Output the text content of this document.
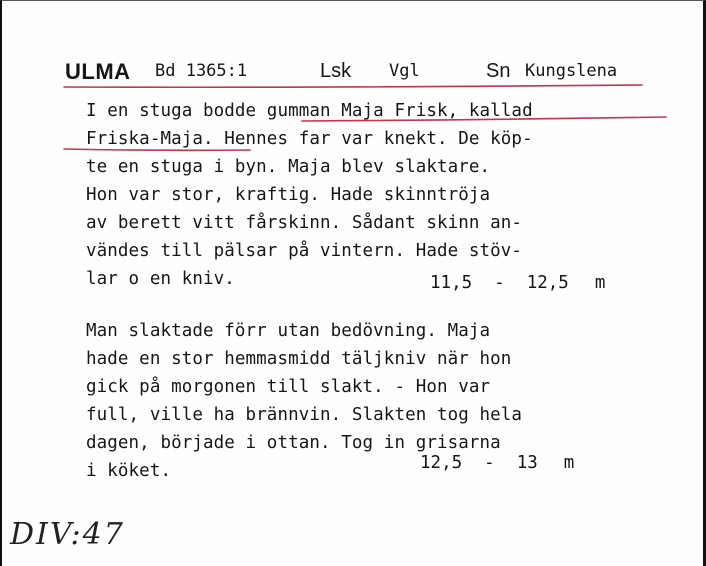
ULMA Bd 1365:1	Lsk Vgl	Sn Kungslena
I en stuga bodde gumman Maja Frisk, kallad
Friska-Maja. Hennes far var knekt. De köp-
te en stuga i byn. Maja blev slaktare.
Hon var stor, kraftig. Hade skinntröja
av berett vitt fårskinn. Sådant skinn an-
vändes till pälsar på vintern. Hade stöv-
lar o en kniv.	11,5 - 12,5 m
Man slaktade förr utan bedövning. Maja
hade en stor hemmasmidd täljkniv när hon
gick på morgonen till slakt. - Hon var
full, ville ha brännvin. Slakten tog hela
dagen, började i ottan. Tog in grisarna
i köket.	12,5 - 13 m
DIV:47
